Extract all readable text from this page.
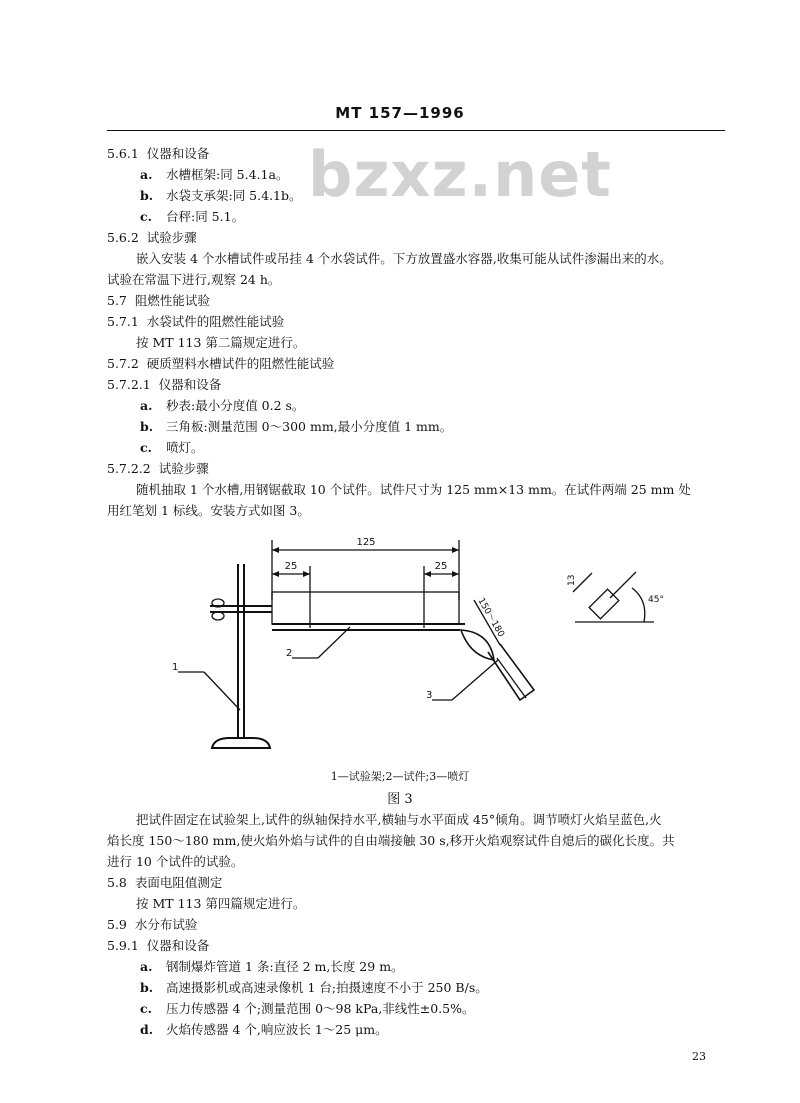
bzxz.net
MT 157—1996
5.6.1 仪器和设备
a. 水槽框架:同 5.4.1a。
b. 水袋支承架:同 5.4.1b。
c. 台秤:同 5.1。
5.6.2 试验步骤
嵌入安装 4 个水槽试件或吊挂 4 个水袋试件。下方放置盛水容器,收集可能从试件渗漏出来的水。
试验在常温下进行,观察 24 h。
5.7 阻燃性能试验
5.7.1 水袋试件的阻燃性能试验
按 MT 113 第二篇规定进行。
5.7.2 硬质塑料水槽试件的阻燃性能试验
5.7.2.1 仪器和设备
a. 秒表:最小分度值 0.2 s。
b. 三角板:测量范围 0～300 mm,最小分度值 1 mm。
c. 喷灯。
5.7.2.2 试验步骤
随机抽取 1 个水槽,用钢锯截取 10 个试件。试件尺寸为 125 mm×13 mm。在试件两端 25 mm 处
用红笔划 1 标线。安装方式如图 3。
125
25	25
150～180
13
45°
1
2
3
1—试验架;2—试件;3—喷灯
图 3
把试件固定在试验架上,试件的纵轴保持水平,横轴与水平面成 45°倾角。调节喷灯火焰呈蓝色,火
焰长度 150～180 mm,使火焰外焰与试件的自由端接触 30 s,移开火焰观察试件自熄后的碳化长度。共
进行 10 个试件的试验。
5.8 表面电阻值测定
按 MT 113 第四篇规定进行。
5.9 水分布试验
5.9.1 仪器和设备
a. 钢制爆炸管道 1 条:直径 2 m,长度 29 m。
b. 高速摄影机或高速录像机 1 台;拍摄速度不小于 250 B/s。
c. 压力传感器 4 个;测量范围 0～98 kPa,非线性±0.5%。
d. 火焰传感器 4 个,响应波长 1～25 μm。
23
